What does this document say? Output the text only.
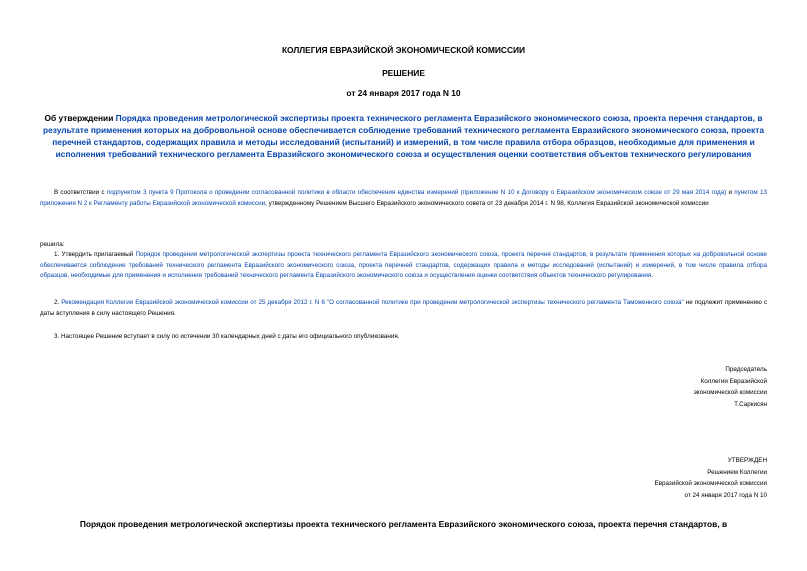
КОЛЛЕГИЯ ЕВРАЗИЙСКОЙ ЭКОНОМИЧЕСКОЙ КОМИССИИ
РЕШЕНИЕ
от 24 января 2017 года N 10
Об утверждении Порядка проведения метрологической экспертизы проекта технического регламента Евразийского экономического союза, проекта перечня стандартов, в результате применения которых на добровольной основе обеспечивается соблюдение требований технического регламента Евразийского экономического союза, проекта перечней стандартов, содержащих правила и методы исследований (испытаний) и измерений, в том числе правила отбора образцов, необходимые для применения и исполнения требований технического регламента Евразийского экономического союза и осуществления оценки соответствия объектов технического регулирования
В соответствии с подпунктом 3 пункта 9 Протокола о проведении согласованной политики в области обеспечения единства измерений (приложение N 10 к Договору о Евразийском экономическом союзе от 29 мая 2014 года) и пунктом 13 приложения N 2 к Регламенту работы Евразийской экономической комиссии, утвержденному Решением Высшего Евразийского экономического совета от 23 декабря 2014 г. N 98, Коллегия Евразийской экономической комиссии
решила:
1. Утвердить прилагаемый Порядок проведения метрологической экспертизы проекта технического регламента Евразийского экономического союза, проекта перечня стандартов, в результате применения которых на добровольной основе обеспечивается соблюдение требований технического регламента Евразийского экономического союза, проекта перечней стандартов, содержащих правила и методы исследований (испытаний) и измерений, в том числе правила отбора образцов, необходимые для применения и исполнения требований технического регламента Евразийского экономического союза и осуществления оценки соответствия объектов технического регулирования.
2. Рекомендация Коллегии Евразийской экономической комиссии от 25 декабря 2012 г. N 6 "О согласованной политике при проведении метрологической экспертизы технического регламента Таможенного союза" не подлежит применению с даты вступления в силу настоящего Решения.
3. Настоящее Решение вступает в силу по истечении 30 календарных дней с даты его официального опубликования.
Председатель
Коллегии Евразийской
экономической комиссии
Т.Саркисян
УТВЕРЖДЕН
Решением Коллегии
Евразийской экономической комиссии
от 24 января 2017 года N 10
Порядок проведения метрологической экспертизы проекта технического регламента Евразийского экономического союза, проекта перечня стандартов, в
